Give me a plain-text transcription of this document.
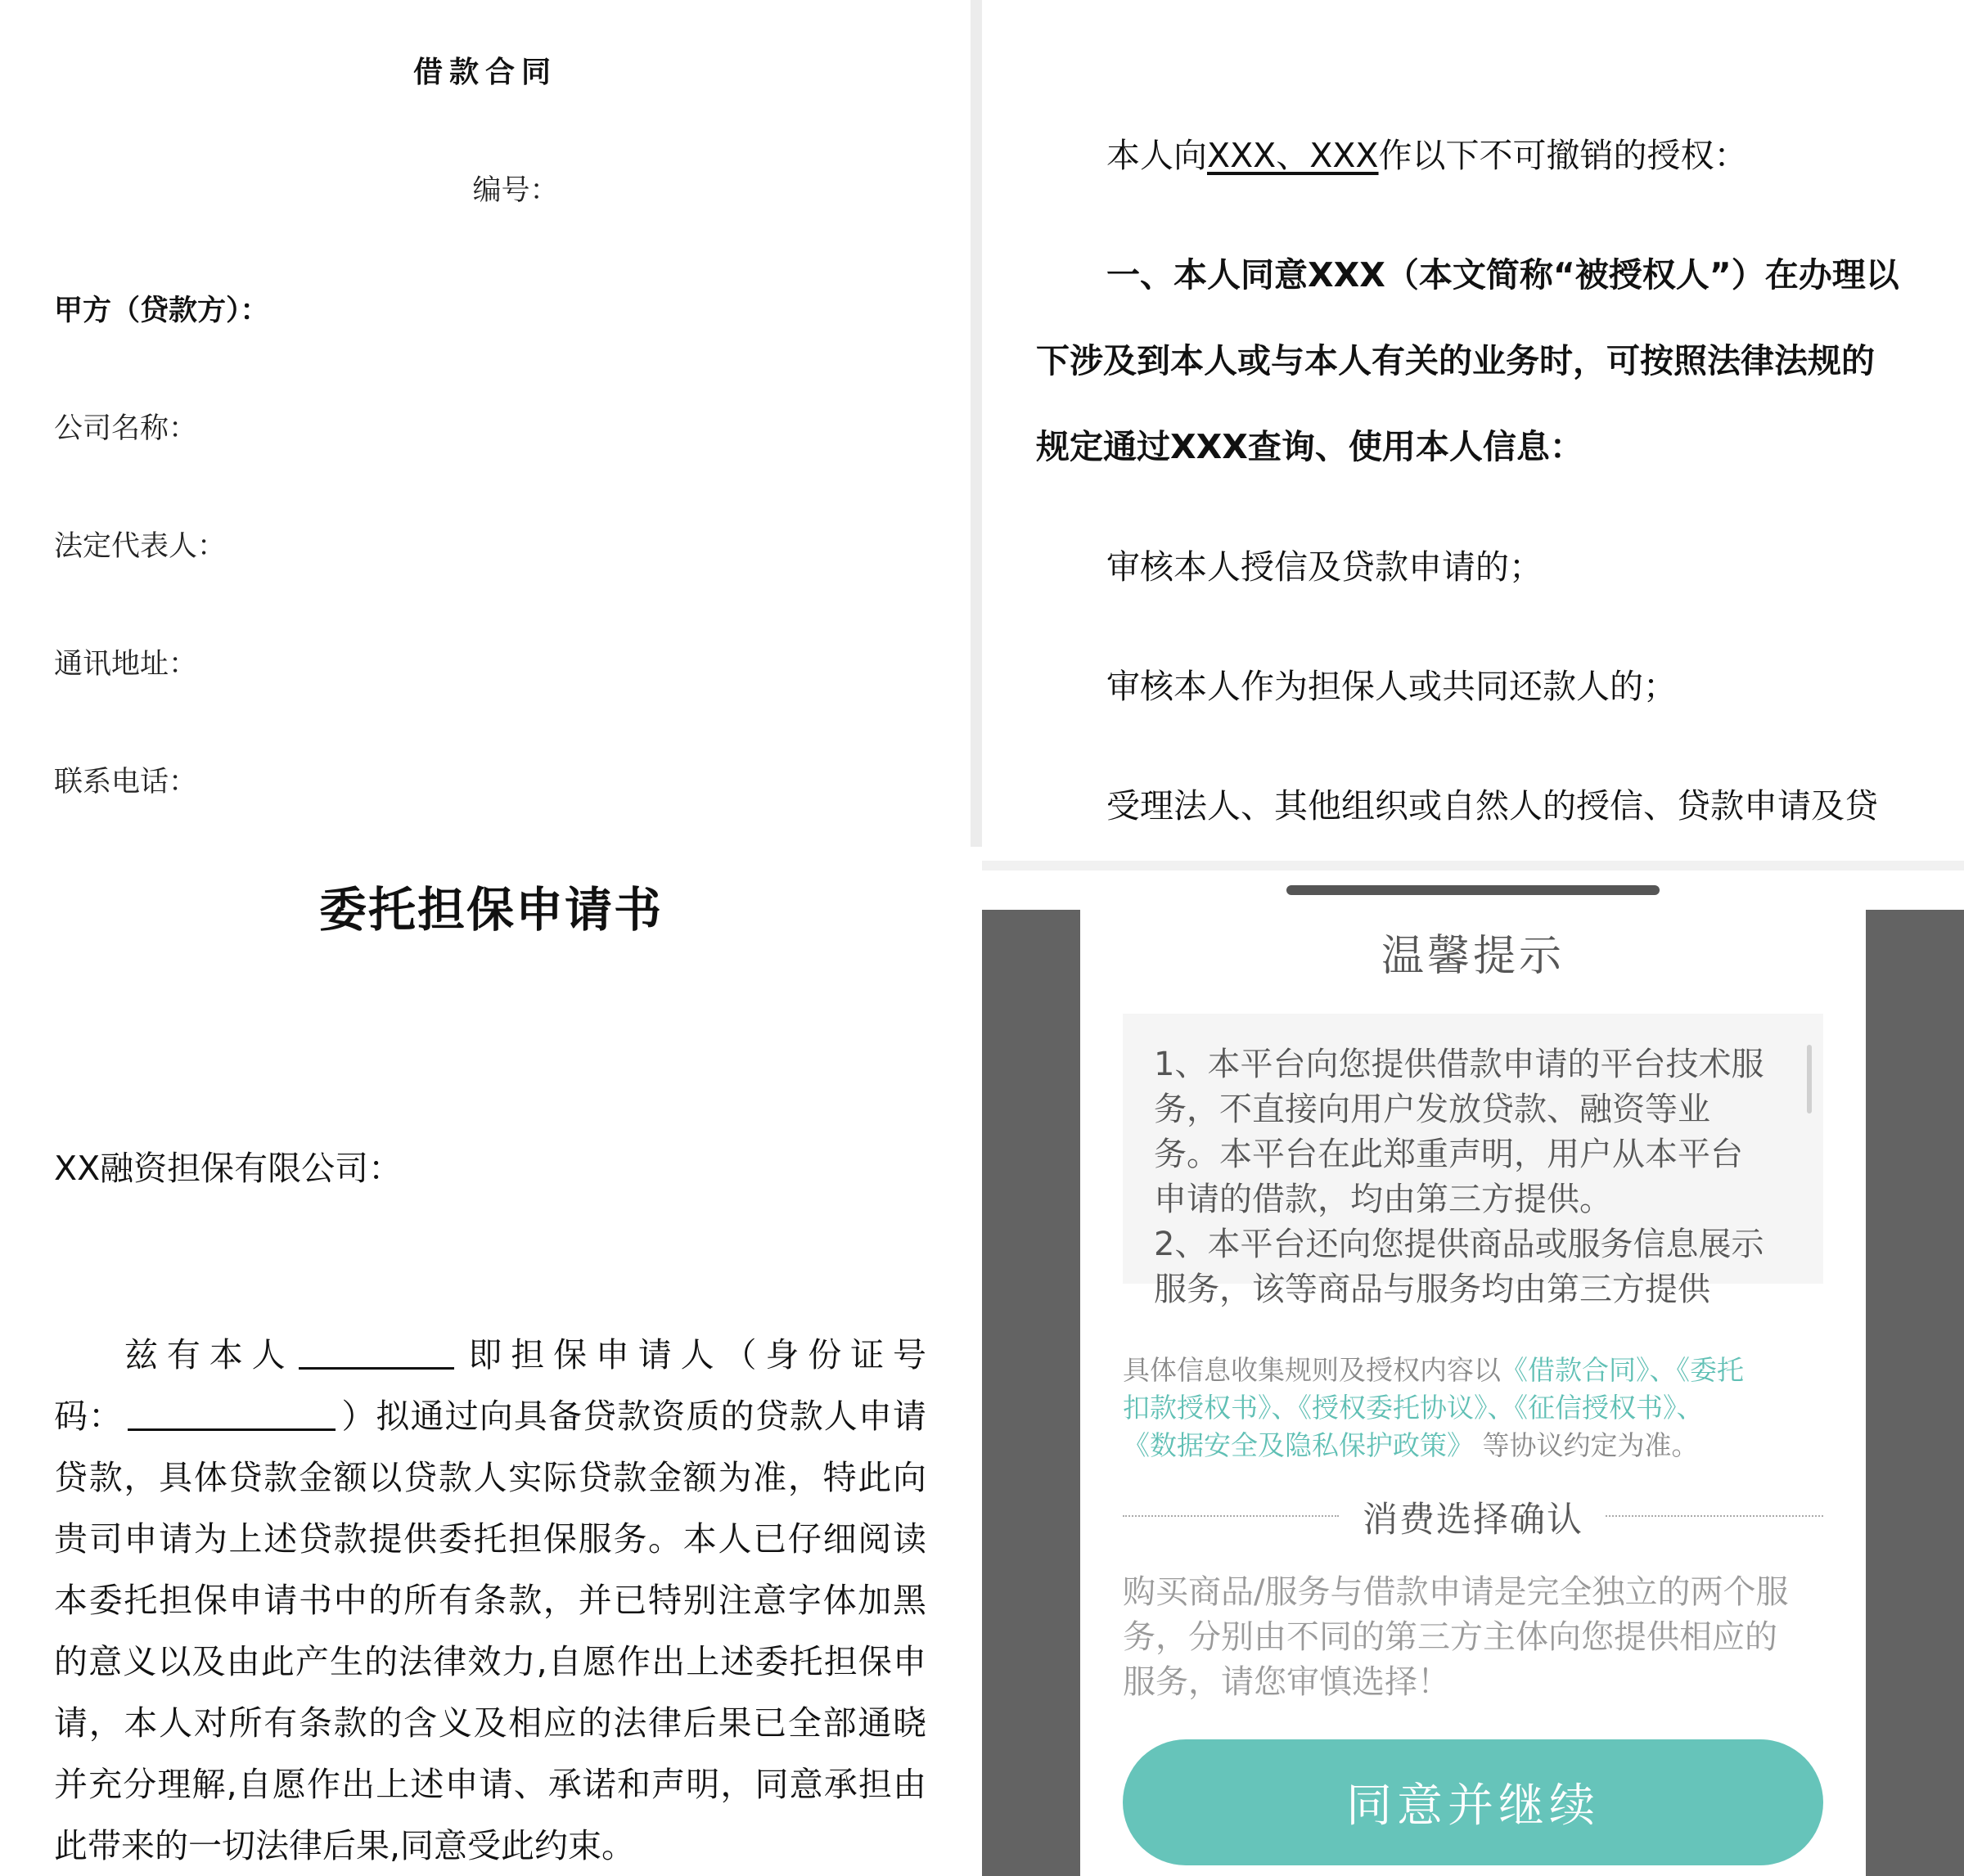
借款合同
编号：
甲方（贷款方）：
公司名称：
法定代表人：
通讯地址：
联系电话：
本人向XXX、XXX作以下不可撤销的授权：
一、本人同意XXX（本文简称“被授权人”）在办理以
下涉及到本人或与本人有关的业务时，可按照法律法规的
规定通过XXX查询、使用本人信息：
审核本人授信及贷款申请的；
审核本人作为担保人或共同还款人的；
受理法人、其他组织或自然人的授信、贷款申请及贷
委托担保申请书
XX融资担保有限公司：
兹有本人	即担保申请人（身份证号
码：	）拟通过向具备贷款资质的贷款人申请
贷款，具体贷款金额以贷款人实际贷款金额为准，特此向
贵司申请为上述贷款提供委托担保服务。本人已仔细阅读
本委托担保申请书中的所有条款，并已特别注意字体加黑
的意义以及由此产生的法律效力,自愿作出上述委托担保申
请，本人对所有条款的含义及相应的法律后果已全部通晓
并充分理解,自愿作出上述申请、承诺和声明，同意承担由
此带来的一切法律后果,同意受此约束。
温馨提示
1、本平台向您提供借款申请的平台技术服
务，不直接向用户发放贷款、融资等业
务。本平台在此郑重声明，用户从本平台
申请的借款，均由第三方提供。
2、本平台还向您提供商品或服务信息展示
服务，该等商品与服务均由第三方提供
具体信息收集规则及授权内容以《借款合同》、《委托
扣款授权书》、《授权委托协议》、《征信授权书》、
《数据安全及隐私保护政策》 等协议约定为准。
消费选择确认
购买商品/服务与借款申请是完全独立的两个服
务，分别由不同的第三方主体向您提供相应的
服务，请您审慎选择！
同意并继续
